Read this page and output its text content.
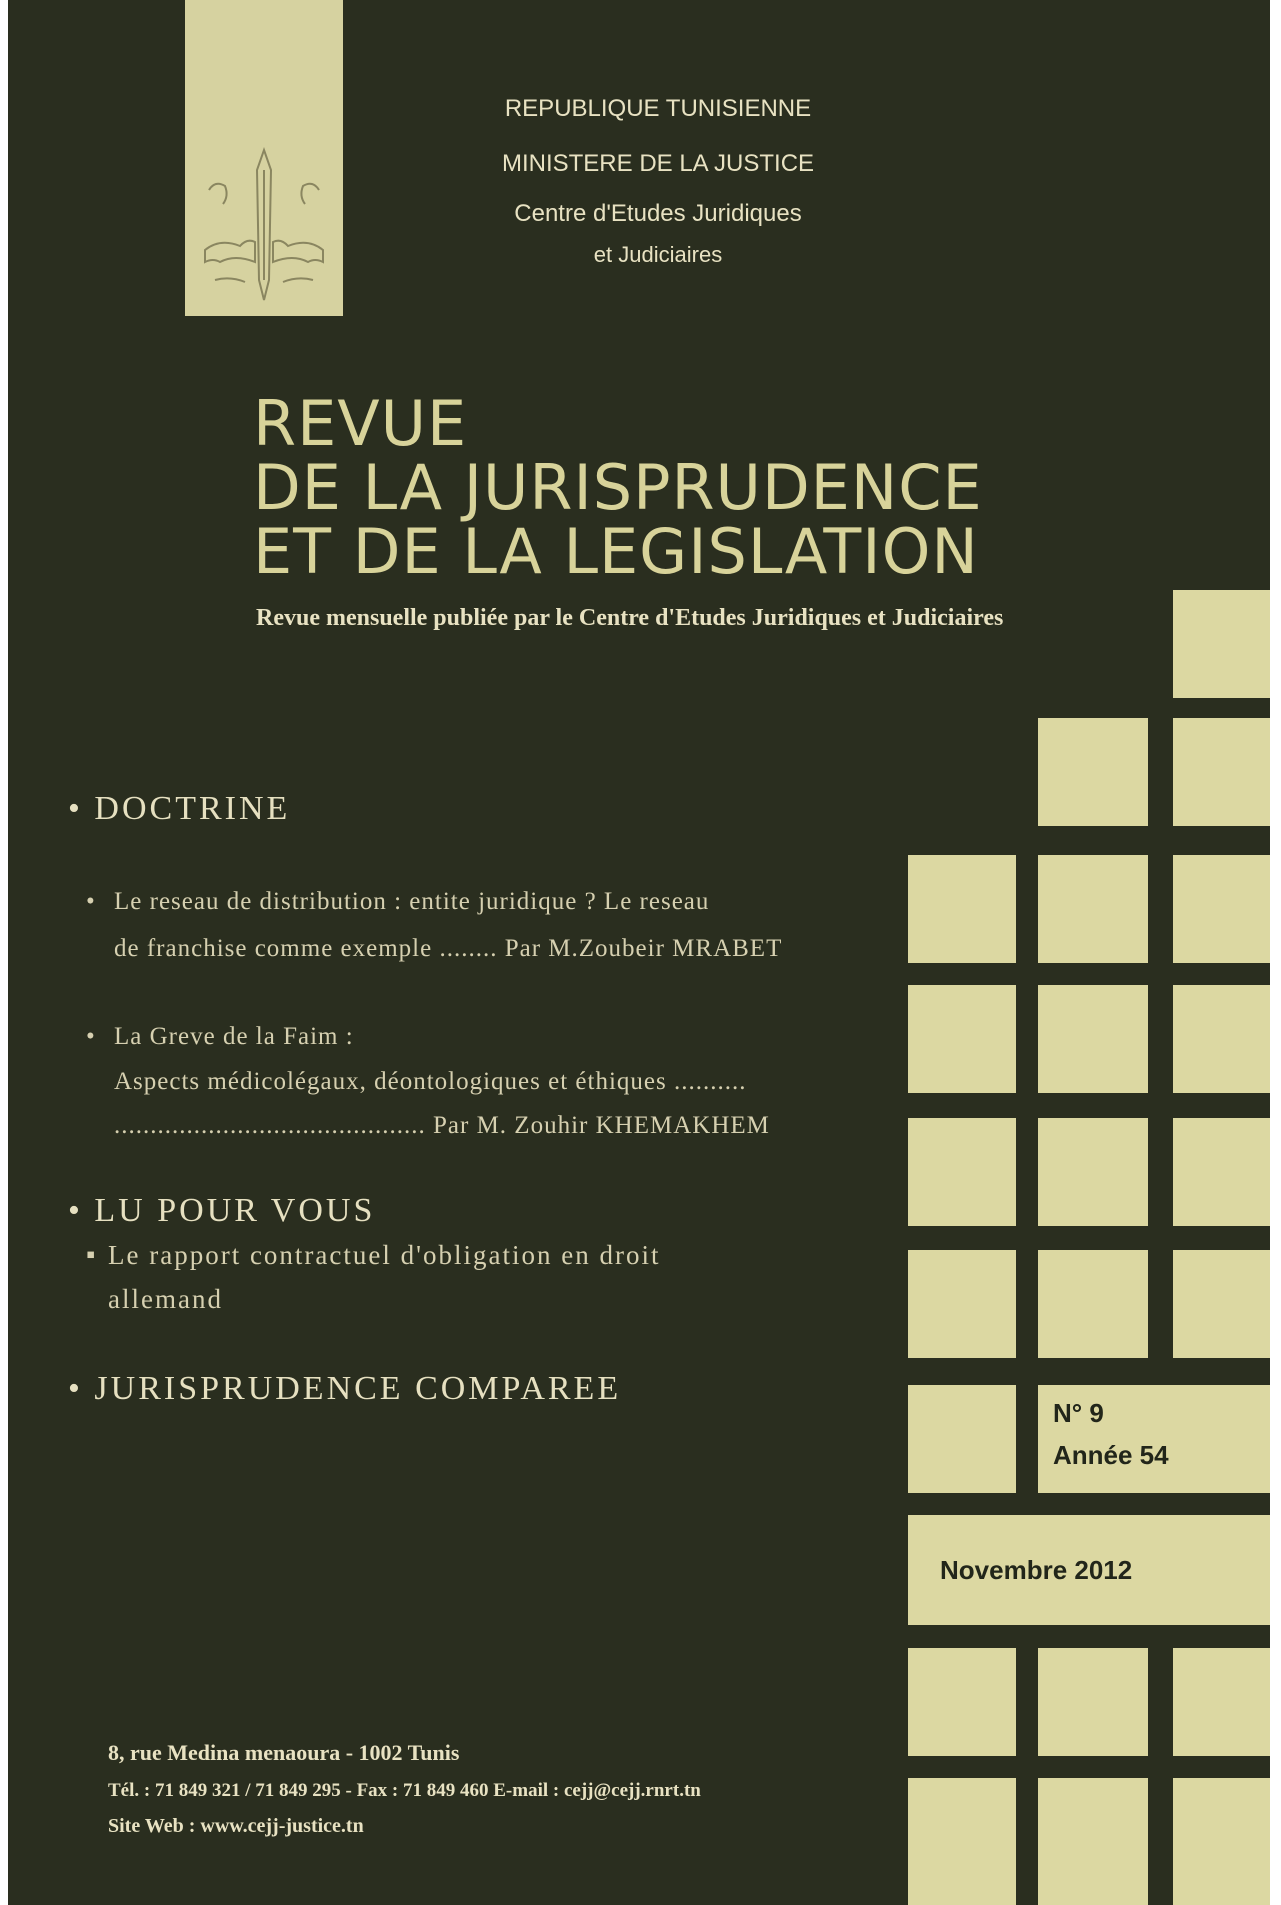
REPUBLIQUE TUNISIENNE
MINISTERE DE LA JUSTICE
Centre d'Etudes Juridiques
et Judiciaires
REVUE
DE LA JURISPRUDENCE
ET DE LA LEGISLATION
Revue mensuelle publiée par le Centre d'Etudes Juridiques et Judiciaires
• DOCTRINE
• Le reseau de distribution : entite juridique ? Le reseau
de franchise comme exemple ........ Par M.Zoubeir MRABET
• La Greve de la Faim :
Aspects médicolégaux, déontologiques et éthiques ..........
........................................... Par M. Zouhir KHEMAKHEM
• LU POUR VOUS
▪ Le rapport contractuel d'obligation en droit
allemand
• JURISPRUDENCE COMPAREE
N° 9
Année 54
Novembre 2012
8, rue Medina menaoura - 1002 Tunis
Tél. : 71 849 321 / 71 849 295 - Fax : 71 849 460 E-mail : cejj@cejj.rnrt.tn
Site Web : www.cejj-justice.tn
